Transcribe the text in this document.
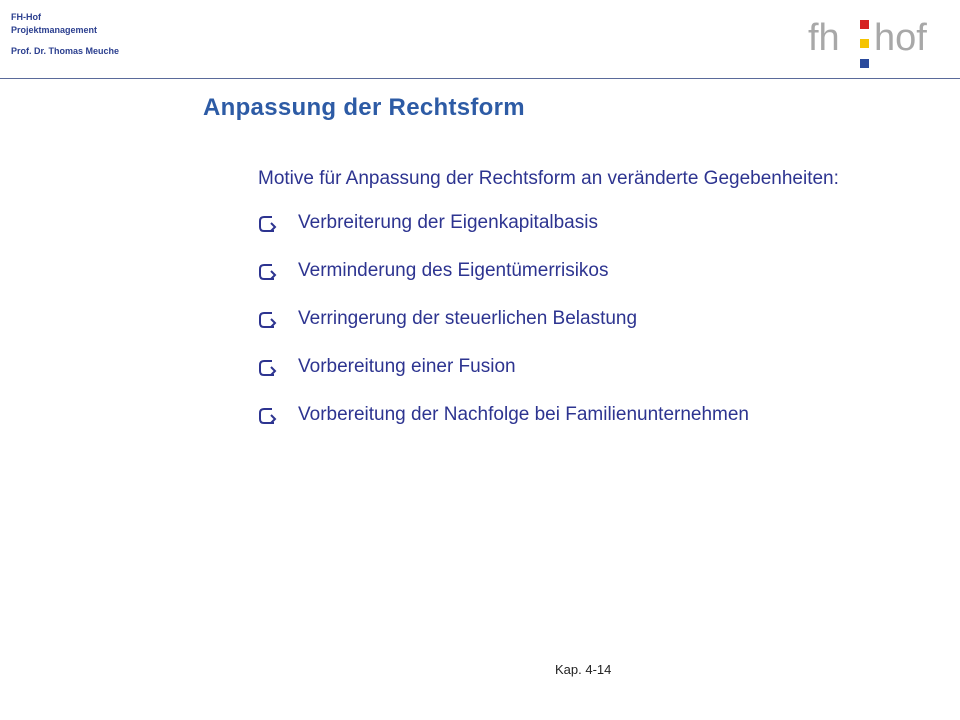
FH-Hof
Projektmanagement
Prof. Dr. Thomas Meuche	fh hof
Anpassung der Rechtsform

Motive für Anpassung der Rechtsform an veränderte Gegebenheiten:

Verbreiterung der Eigenkapitalbasis
Verminderung des Eigentümerrisikos
Verringerung der steuerlichen Belastung
Vorbereitung einer Fusion
Vorbereitung der Nachfolge bei Familienunternehmen
Kap. 4-14
